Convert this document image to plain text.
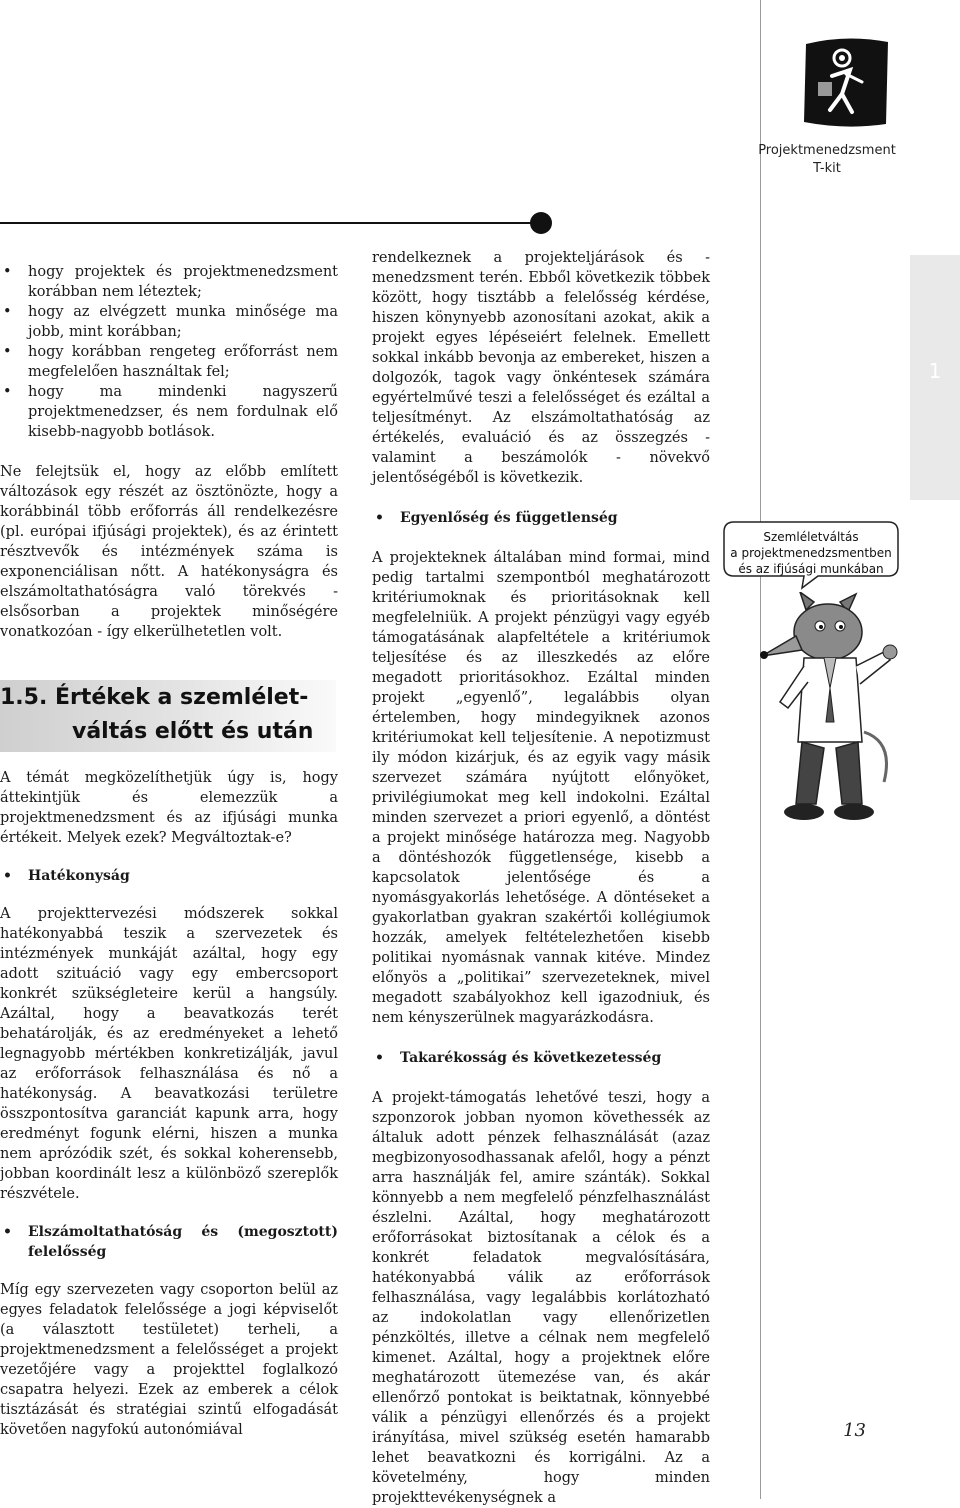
Projektmenedzsment
T-kit
1
• hogy projektek és projektmenedzsment korábban nem léteztek;
• hogy az elvégzett munka minősége ma jobb, mint korábban;
• hogy korábban rengeteg erőforrást nem megfelelően használtak fel;
• hogy ma mindenki nagyszerű projektmenedzser, és nem fordulnak elő kisebb-nagyobb botlások.

Ne felejtsük el, hogy az előbb említett változások egy részét az ösztönözte, hogy a korábbinál több erőforrás áll rendelkezésre (pl. európai ifjúsági projektek), és az érintett résztvevők és intézmények száma is exponenciálisan nőtt. A hatékonyságra és elszámoltathatóságra való törekvés - elsősorban a projektek minőségére vonatkozóan - így elkerülhetetlen volt.

1.5. Értékek a szemlélet-
váltás előtt és után

A témát megközelíthetjük úgy is, hogy áttekintjük és elemezzük a projektmenedzsment és az ifjúsági munka értékeit. Melyek ezek? Megváltoztak-e?

• Hatékonyság

A projekttervezési módszerek sokkal hatékonyabbá teszik a szervezetek és intézmények munkáját azáltal, hogy egy adott szituáció vagy egy embercsoport konkrét szükségleteire kerül a hangsúly. Azáltal, hogy a beavatkozás terét behatárolják, és az eredményeket a lehető legnagyobb mértékben konkretizálják, javul az erőforrások felhasználása és nő a hatékonyság. A beavatkozási területre összpontosítva garanciát kapunk arra, hogy eredményt fogunk elérni, hiszen a munka nem aprózódik szét, és sokkal koherensebb, jobban koordinált lesz a különböző szereplők részvétele.

• Elszámoltathatóság és (megosztott) felelősség

Míg egy szervezeten vagy csoporton belül az egyes feladatok felelőssége a jogi képviselőt (a választott testületet) terheli, a projektmenedzsment a felelősséget a projekt vezetőjére vagy a projekttel foglalkozó csapatra helyezi. Ezek az emberek a célok tisztázását és stratégiai szintű elfogadását követően nagyfokú autonómiával

rendelkeznek a projekteljárások és -menedzsment terén. Ebből következik többek között, hogy tisztább a felelősség kérdése, hiszen könynyebb azonosítani azokat, akik a projekt egyes lépéseiért felelnek. Emellett sokkal inkább bevonja az embereket, hiszen a dolgozók, tagok vagy önkéntesek számára egyértelművé teszi a felelősséget és ezáltal a teljesítményt. Az elszámoltathatóság az értékelés, evaluáció és az összegzés - valamint a beszámolók - növekvő jelentőségéből is következik.

• Egyenlőség és függetlenség

A projekteknek általában mind formai, mind pedig tartalmi szempontból meghatározott kritériumoknak és prioritásoknak kell megfelelniük. A projekt pénzügyi vagy egyéb támogatásának alapfeltétele a kritériumok teljesítése és az illeszkedés az előre megadott prioritásokhoz. Ezáltal minden projekt „egyenlő”, legalábbis olyan értelemben, hogy mindegyiknek azonos kritériumokat kell teljesítenie. A nepotizmust ily módon kizárjuk, és az egyik vagy másik szervezet számára nyújtott előnyöket, privilégiumokat meg kell indokolni. Ezáltal minden szervezet a priori egyenlő, a döntést a projekt minősége határozza meg. Nagyobb a döntéshozók függetlensége, kisebb a kapcsolatok jelentősége és a nyomásgyakorlás lehetősége. A döntéseket a gyakorlatban gyakran szakértői kollégiumok hozzák, amelyek feltételezhetően kisebb politikai nyomásnak vannak kitéve. Mindez előnyös a „politikai” szervezeteknek, mivel megadott szabályokhoz kell igazodniuk, és nem kényszerülnek magyarázkodásra.

• Takarékosság és következetesség

A projekt-támogatás lehetővé teszi, hogy a szponzorok jobban nyomon követhessék az általuk adott pénzek felhasználását (azaz megbizonyosodhassanak afelől, hogy a pénzt arra használják fel, amire szánták). Sokkal könnyebb a nem megfelelő pénzfelhasználást észlelni. Azáltal, hogy meghatározott erőforrásokat biztosítanak a célok és a konkrét feladatok megvalósítására, hatékonyabbá válik az erőforrások felhasználása, vagy legalábbis korlátozható az indokolatlan vagy ellenőrizetlen pénzköltés, illetve a célnak nem megfelelő kimenet. Azáltal, hogy a projektnek előre meghatározott ütemezése van, és akár ellenőrző pontokat is beiktatnak, könnyebbé válik a pénzügyi ellenőrzés és a projekt irányítása, mivel szükség esetén hamarabb lehet beavatkozni és korrigálni. Az a követelmény, hogy minden projekttevékenységnek a

Szemléletváltás
a projektmenedzsmentben
és az ifjúsági munkában
13
